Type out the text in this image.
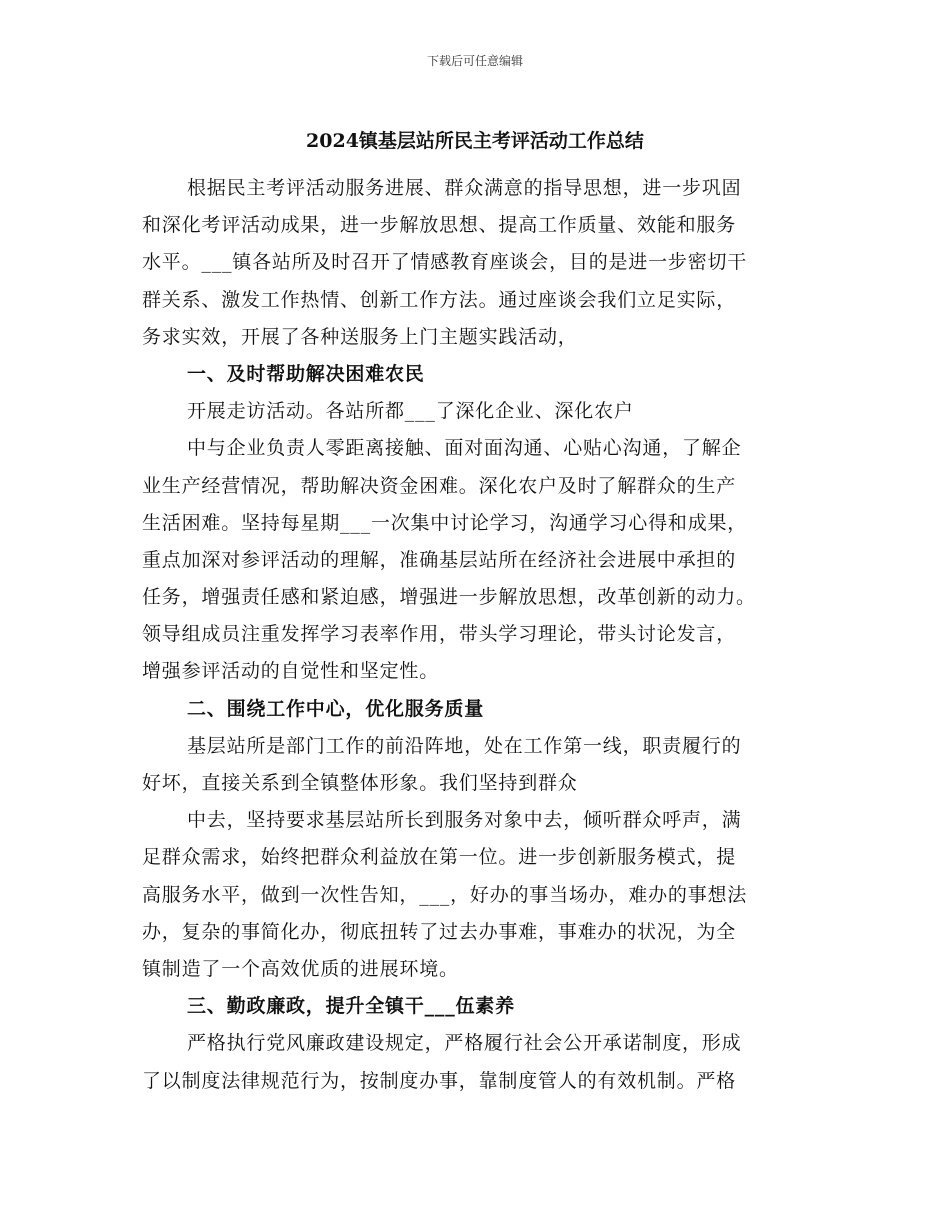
下载后可任意编辑
2024镇基层站所民主考评活动工作总结
根据民主考评活动服务进展、群众满意的指导思想，进一步巩固
和深化考评活动成果，进一步解放思想、提高工作质量、效能和服务
水平。___镇各站所及时召开了情感教育座谈会，目的是进一步密切干
群关系、激发工作热情、创新工作方法。通过座谈会我们立足实际，
务求实效，开展了各种送服务上门主题实践活动，
一、及时帮助解决困难农民
开展走访活动。各站所都___了深化企业、深化农户
中与企业负责人零距离接触、面对面沟通、心贴心沟通，了解企
业生产经营情况，帮助解决资金困难。深化农户及时了解群众的生产
生活困难。坚持每星期___一次集中讨论学习，沟通学习心得和成果，
重点加深对参评活动的理解，准确基层站所在经济社会进展中承担的
任务，增强责任感和紧迫感，增强进一步解放思想，改革创新的动力。
领导组成员注重发挥学习表率作用，带头学习理论，带头讨论发言，
增强参评活动的自觉性和坚定性。
二、围绕工作中心，优化服务质量
基层站所是部门工作的前沿阵地，处在工作第一线，职责履行的
好坏，直接关系到全镇整体形象。我们坚持到群众
中去，坚持要求基层站所长到服务对象中去，倾听群众呼声，满
足群众需求，始终把群众利益放在第一位。进一步创新服务模式，提
高服务水平，做到一次性告知，___，好办的事当场办，难办的事想法
办，复杂的事简化办，彻底扭转了过去办事难，事难办的状况，为全
镇制造了一个高效优质的进展环境。
三、勤政廉政，提升全镇干___伍素养
严格执行党风廉政建设规定，严格履行社会公开承诺制度，形成
了以制度法律规范行为，按制度办事，靠制度管人的有效机制。严格
